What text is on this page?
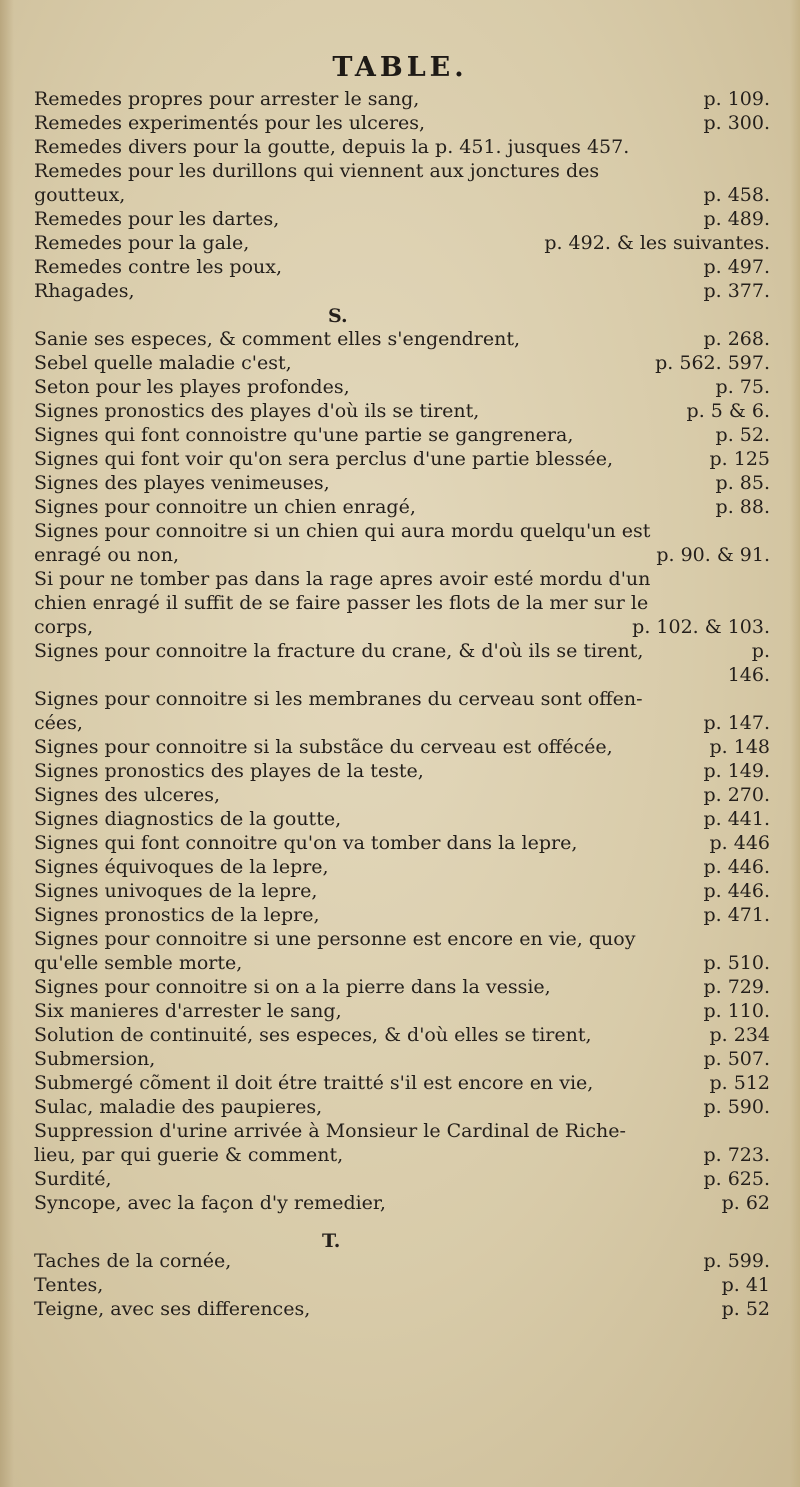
TABLE.
S.
T.
Remedes propres pour arrester le sang,	p. 109.
Remedes experimentés pour les ulceres,	p. 300.
Remedes divers pour la goutte, depuis la p. 451. jusques 457.
Remedes pour les durillons qui viennent aux jonctures des
goutteux,	p. 458.
Remedes pour les dartes,	p. 489.
Remedes pour la gale,	p. 492. & les suivantes.
Remedes contre les poux,	p. 497.
Rhagades,	p. 377.
Sanie ses especes, & comment elles s'engendrent,	p. 268.
Sebel quelle maladie c'est,	p. 562. 597.
Seton pour les playes profondes,	p. 75.
Signes pronostics des playes d'où ils se tirent,	p. 5 & 6.
Signes qui font connoistre qu'une partie se gangrenera,	p. 52.
Signes qui font voir qu'on sera perclus d'une partie blessée,	p. 125
Signes des playes venimeuses,	p. 85.
Signes pour connoitre un chien enragé,	p. 88.
Signes pour connoitre si un chien qui aura mordu quelqu'un est
enragé ou non,	p. 90. & 91.
Si pour ne tomber pas dans la rage apres avoir esté mordu d'un
chien enragé il suffit de se faire passer les flots de la mer sur le
corps,	p. 102. & 103.
Signes pour connoitre la fracture du crane, & d'où ils se tirent,	p.
146.
Signes pour connoitre si les membranes du cerveau sont offen-
cées,	p. 147.
Signes pour connoitre si la substãce du cerveau est offécée,	p. 148
Signes pronostics des playes de la teste,	p. 149.
Signes des ulceres,	p. 270.
Signes diagnostics de la goutte,	p. 441.
Signes qui font connoitre qu'on va tomber dans la lepre,	p. 446
Signes équivoques de la lepre,	p. 446.
Signes univoques de la lepre,	p. 446.
Signes pronostics de la lepre,	p. 471.
Signes pour connoitre si une personne est encore en vie, quoy
qu'elle semble morte,	p. 510.
Signes pour connoitre si on a la pierre dans la vessie,	p. 729.
Six manieres d'arrester le sang,	p. 110.
Solution de continuité, ses especes, & d'où elles se tirent,	p. 234
Submersion,	p. 507.
Submergé cõment il doit étre traitté s'il est encore en vie,	p. 512
Sulac, maladie des paupieres,	p. 590.
Suppression d'urine arrivée à Monsieur le Cardinal de Riche-
lieu, par qui guerie & comment,	p. 723.
Surdité,	p. 625.
Syncope, avec la façon d'y remedier,	p. 62
Taches de la cornée,	p. 599.
Tentes,	p. 41
Teigne, avec ses differences,	p. 52
